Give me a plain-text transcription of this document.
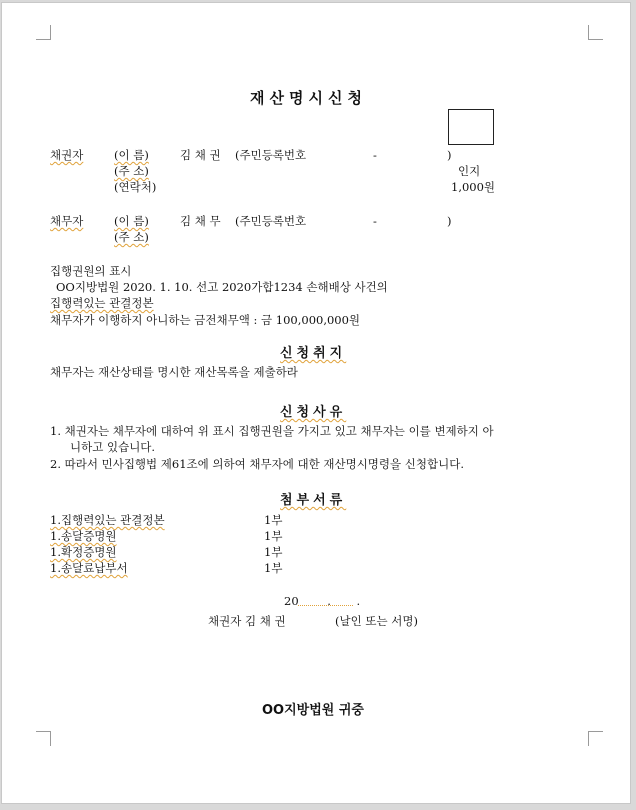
재산명시신청
채권자	(이 름)	김 채 권 (주민등록번호	-	)
(주 소)
(연락처)
인지
1,000원
채무자	(이 름)	김 채 무 (주민등록번호	-	)
(주 소)
집행권원의 표시
OO지방법원 2020. 1. 10. 선고 2020가합1234 손해배상 사건의
집행력있는 관결정본
채무자가 이행하지 아니하는 금전채무액 : 금 100,000,000원
신청취지
채무자는 재산상태를 명시한 재산목록을 제출하라
신청사유
1. 채권자는 채무자에 대하여 위 표시 집행권원을 가지고 있고 채무자는 이를 변제하지 아
니하고 있습니다.
2. 따라서 민사집행법 제61조에 의하여 채무자에 대한 재산명시명령을 신청합니다.
첨부서류
1.집행력있는 관결정본	1부
1.송달증명원	1부
1.확정증명원	1부
1.송달료납부서	1부
20 .       .
채권자 김 채 권	(날인 또는 서명)
OO지방법원 귀중
